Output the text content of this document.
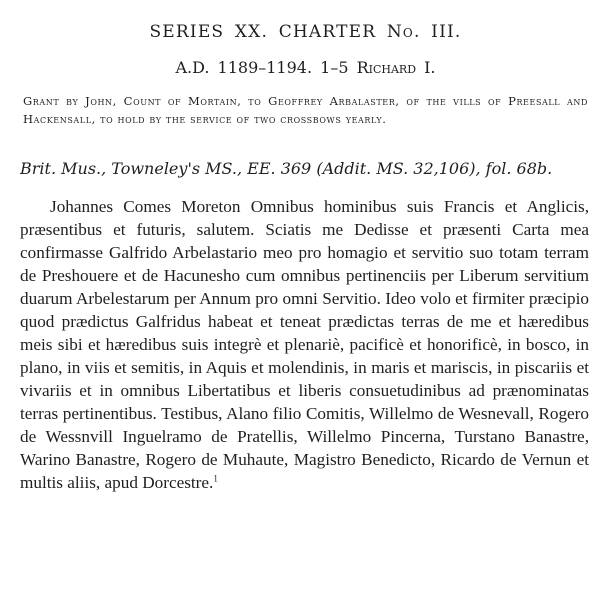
SERIES XX. CHARTER No. III.
A.D. 1189–1194. 1–5 Richard I.
Grant by John, Count of Mortain, to Geoffrey Arbalaster, of the vills of Preesall and Hackensall, to hold by the service of two crossbows yearly.
Brit. Mus., Towneley's MS., EE. 369 (Addit. MS. 32,106), fol. 68b.

Johannes Comes Moreton Omnibus hominibus suis Francis et Anglicis, præsentibus et futuris, salutem. Sciatis me Dedisse et præsenti Carta mea confirmasse Galfrido Arbelastario meo pro homagio et servitio suo totam terram de Preshouere et de Hacunesho cum omnibus pertinenciis per Liberum servitium duarum Arbelestarum per Annum pro omni Servitio. Ideo volo et firmiter præcipio quod prædictus Galfridus habeat et teneat prædictas terras de me et hæredibus meis sibi et hæredibus suis integrè et plenariè, pacificè et honorificè, in bosco, in plano, in viis et semitis, in Aquis et molendinis, in maris et mariscis, in piscariis et vivariis et in omnibus Libertatibus et liberis consuetudinibus ad prænominatas terras pertinentibus. Testibus, Alano filio Comitis, Willelmo de Wesnevall, Rogero de Wessnvill Inguelramo de Pratellis, Willelmo Pincerna, Turstano Banastre, Warino Banastre, Rogero de Muhaute, Magistro Benedicto, Ricardo de Vernun et multis aliis, apud Dorcestre.$^1$
